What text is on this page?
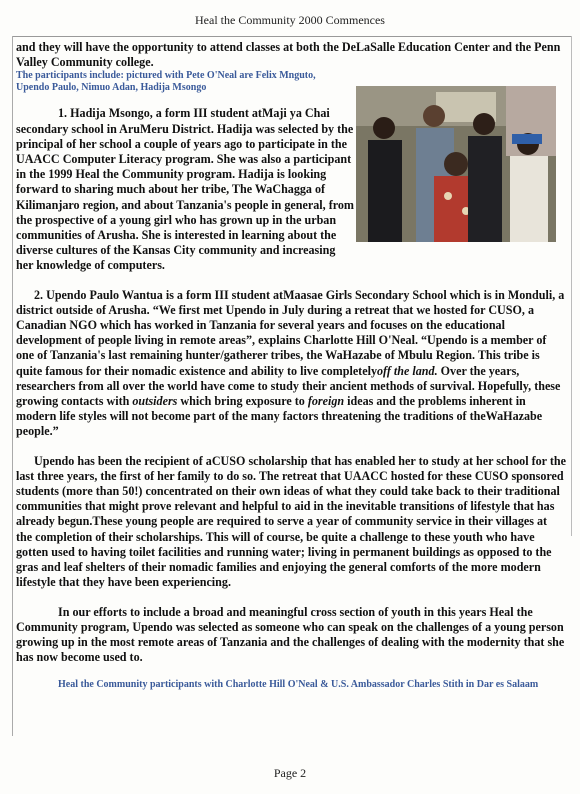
Heal the Community 2000 Commences

and they will have the opportunity to attend classes at both the DeLaSalle Education Center and the Penn Valley Community college.

The participants include: pictured with Pete O'Neal are Felix Mnguto, Upendo Paulo, Nimuo Adan, Hadija Msongo

1. Hadija Msongo, a form III student atMaji ya Chai secondary school in AruMeru District. Hadija was selected by the principal of her school a couple of years ago to participate in the UAACC Computer Literacy program. She was also a participant in the 1999 Heal the Community program. Hadija is looking forward to sharing much about her tribe, The WaChagga of Kilimanjaro region, and about Tanzania's people in general, from the prospective of a young girl who has grown up in the urban communities of Arusha. She is interested in learning about the diverse cultures of the Kansas City community and increasing her knowledge of computers.

2. Upendo Paulo Wantua is a form III student atMaasae Girls Secondary School which is in Monduli, a district outside of Arusha. “We first met Upendo in July during a retreat that we hosted for CUSO, a Canadian NGO which has worked in Tanzania for several years and focuses on the educational development of people living in remote areas”, explains Charlotte Hill O'Neal. “Upendo is a member of one of Tanzania's last remaining hunter/gatherer tribes, the WaHazabe of Mbulu Region. This tribe is quite famous for their nomadic existence and ability to live completelyoff the land. Over the years, researchers from all over the world have come to study their ancient methods of survival. Hopefully, these growing contacts with outsiders which bring exposure to foreign ideas and the problems inherent in modern life styles will not become part of the many factors threatening the traditions of theWaHazabe people.”

Upendo has been the recipient of aCUSO scholarship that has enabled her to study at her school for the last three years, the first of her family to do so. The retreat that UAACC hosted for these CUSO sponsored students (more than 50!) concentrated on their own ideas of what they could take back to their traditional communities that might prove relevant and helpful to aid in the inevitable transitions of lifestyle that has already begun.These young people are required to serve a year of community service in their villages at the completion of their scholarships. This will of course, be quite a challenge to these youth who have gotten used to having toilet facilities and running water; living in permanent buildings as opposed to the gras and leaf shelters of their nomadic families and enjoying the general comforts of the more modern lifestyle that they have been experiencing.

In our efforts to include a broad and meaningful cross section of youth in this years Heal the Community program, Upendo was selected as someone who can speak on the challenges of a young person growing up in the most remote areas of Tanzania and the challenges of dealing with the modernity that she has now become used to.

Heal the Community participants with Charlotte Hill O'Neal & U.S. Ambassador Charles Stith in Dar es Salaam

Page 2
